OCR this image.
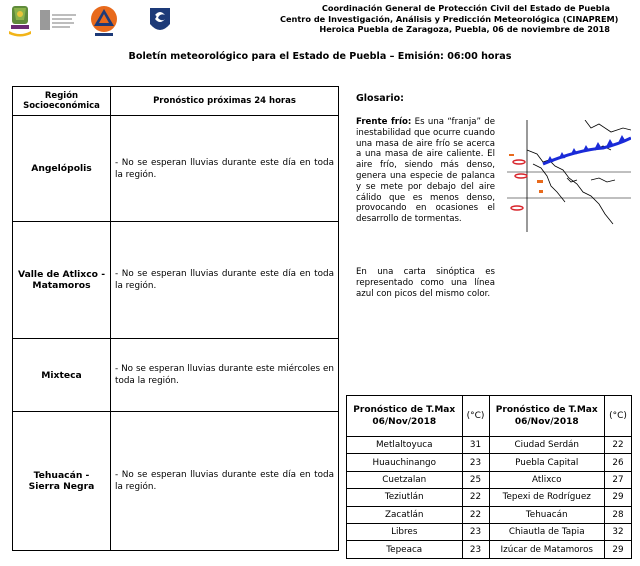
Coordinación General de Protección Civil del Estado de Puebla
Centro de Investigación, Análisis y Predicción Meteorológica (CINAPREM)
Heroica Puebla de Zaragoza, Puebla, 06 de noviembre de 2018
Boletín meteorológico para el Estado de Puebla – Emisión: 06:00 horas
Región Socioeconómica	Pronóstico próximas 24 horas
Angelópolis	- No se esperan lluvias durante este día en toda la región.
Valle de Atlixco - Matamoros	- No se esperan lluvias durante este día en toda la región.
Mixteca	- No se esperan lluvias durante este miércoles en toda la región.
Tehuacán - Sierra Negra	- No se esperan lluvias durante este día en toda la región.
Glosario:
Frente frío: Es una “franja” de inestabilidad que ocurre cuando una masa de aire frío se acerca a una masa de aire caliente. El aire frío, siendo más denso, genera una especie de palanca y se mete por debajo del aire cálido que es menos denso, provocando en ocasiones el desarrollo de tormentas.
En una carta sinóptica es representado como una línea azul con picos del mismo color.
Pronóstico de T.Max 06/Nov/2018	(°C)	Pronóstico de T.Max 06/Nov/2018	(°C)
Metlaltoyuca	31	Ciudad Serdán	22
Huauchinango	23	Puebla Capital	26
Cuetzalan	25	Atlixco	27
Teziutlán	22	Tepexi de Rodríguez	29
Zacatlán	22	Tehuacán	28
Libres	23	Chiautla de Tapia	32
Tepeaca	23	Izúcar de Matamoros	29
